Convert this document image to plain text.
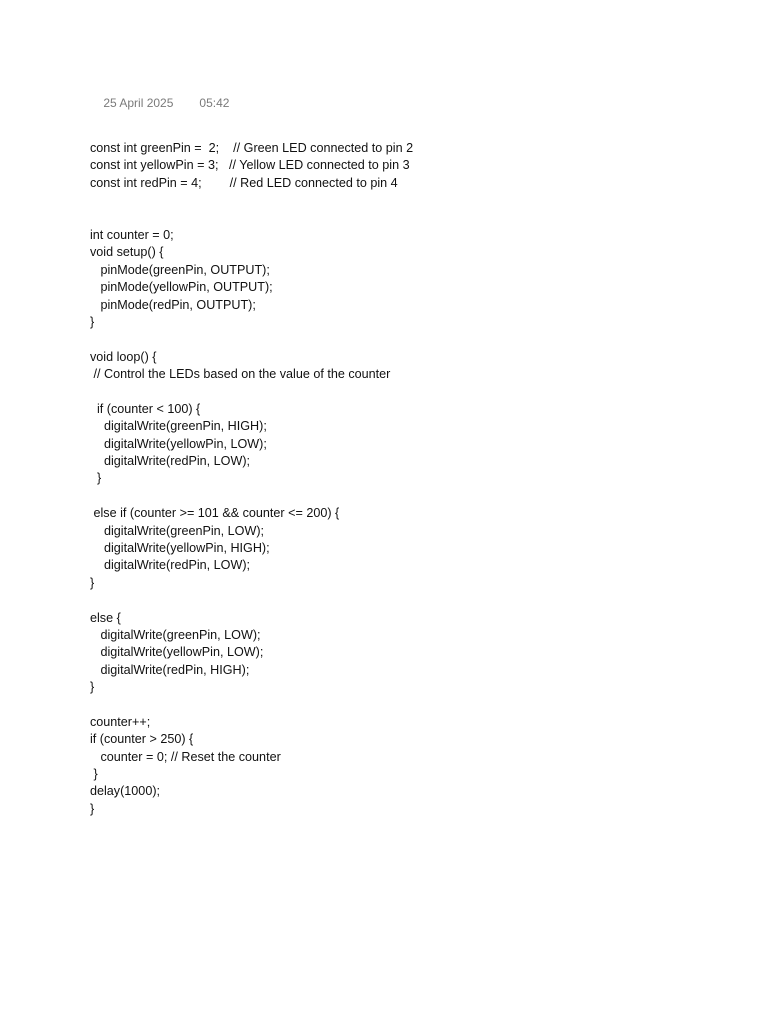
25 April 2025 05:42

const int greenPin =  2;    // Green LED connected to pin 2
const int yellowPin = 3;   // Yellow LED connected to pin 3
const int redPin = 4;        // Red LED connected to pin 4
int counter = 0;
void setup() {
pinMode(greenPin, OUTPUT);
pinMode(yellowPin, OUTPUT);
pinMode(redPin, OUTPUT);
}
void loop() {
// Control the LEDs based on the value of the counter
if (counter < 100) {
digitalWrite(greenPin, HIGH);
digitalWrite(yellowPin, LOW);
digitalWrite(redPin, LOW);
}
else if (counter >= 101 && counter <= 200) {
digitalWrite(greenPin, LOW);
digitalWrite(yellowPin, HIGH);
digitalWrite(redPin, LOW);
}
else {
digitalWrite(greenPin, LOW);
digitalWrite(yellowPin, LOW);
digitalWrite(redPin, HIGH);
}
counter++;
if (counter > 250) {
counter = 0; // Reset the counter
}
delay(1000);
}
